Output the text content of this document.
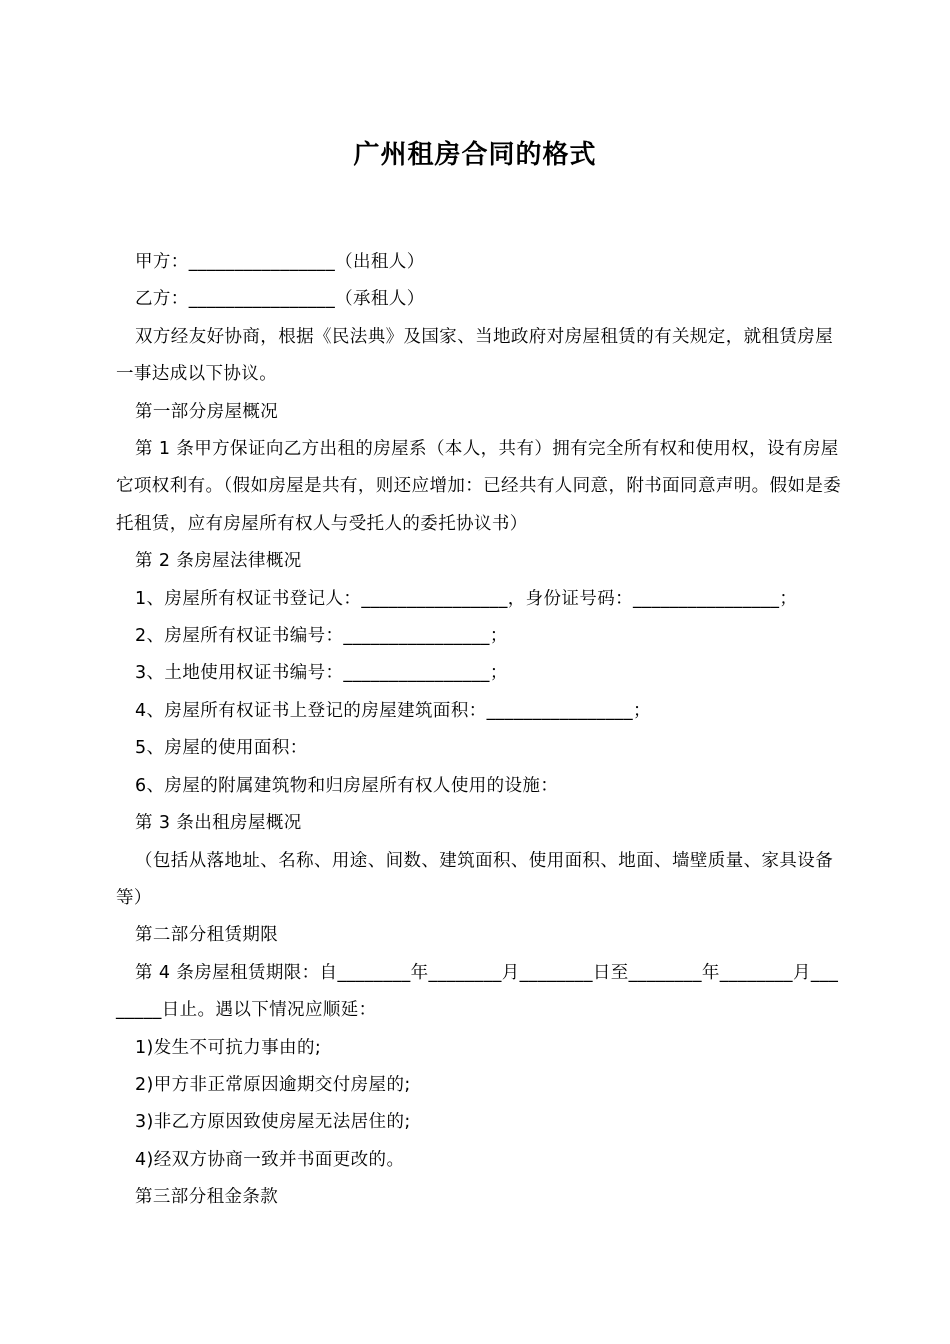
广州租房合同的格式

甲方：________________（出租人）

乙方：________________（承租人）

双方经友好协商，根据《民法典》及国家、当地政府对房屋租赁的有关规定，就租赁房屋一事达成以下协议。

第一部分房屋概况

第 1 条甲方保证向乙方出租的房屋系（本人，共有）拥有完全所有权和使用权，设有房屋它项权利有。（假如房屋是共有，则还应增加：已经共有人同意，附书面同意声明。假如是委托租赁，应有房屋所有权人与受托人的委托协议书）

第 2 条房屋法律概况

1、房屋所有权证书登记人：________________，身份证号码：________________；

2、房屋所有权证书编号：________________；

3、土地使用权证书编号：________________；

4、房屋所有权证书上登记的房屋建筑面积：________________；

5、房屋的使用面积：

6、房屋的附属建筑物和归房屋所有权人使用的设施：

第 3 条出租房屋概况

（包括从落地址、名称、用途、间数、建筑面积、使用面积、地面、墙壁质量、家具设备等）

第二部分租赁期限

第 4 条房屋租赁期限：自________年________月________日至________年________月________日止。遇以下情况应顺延：

1)发生不可抗力事由的;

2)甲方非正常原因逾期交付房屋的;

3)非乙方原因致使房屋无法居住的;

4)经双方协商一致并书面更改的。

第三部分租金条款
